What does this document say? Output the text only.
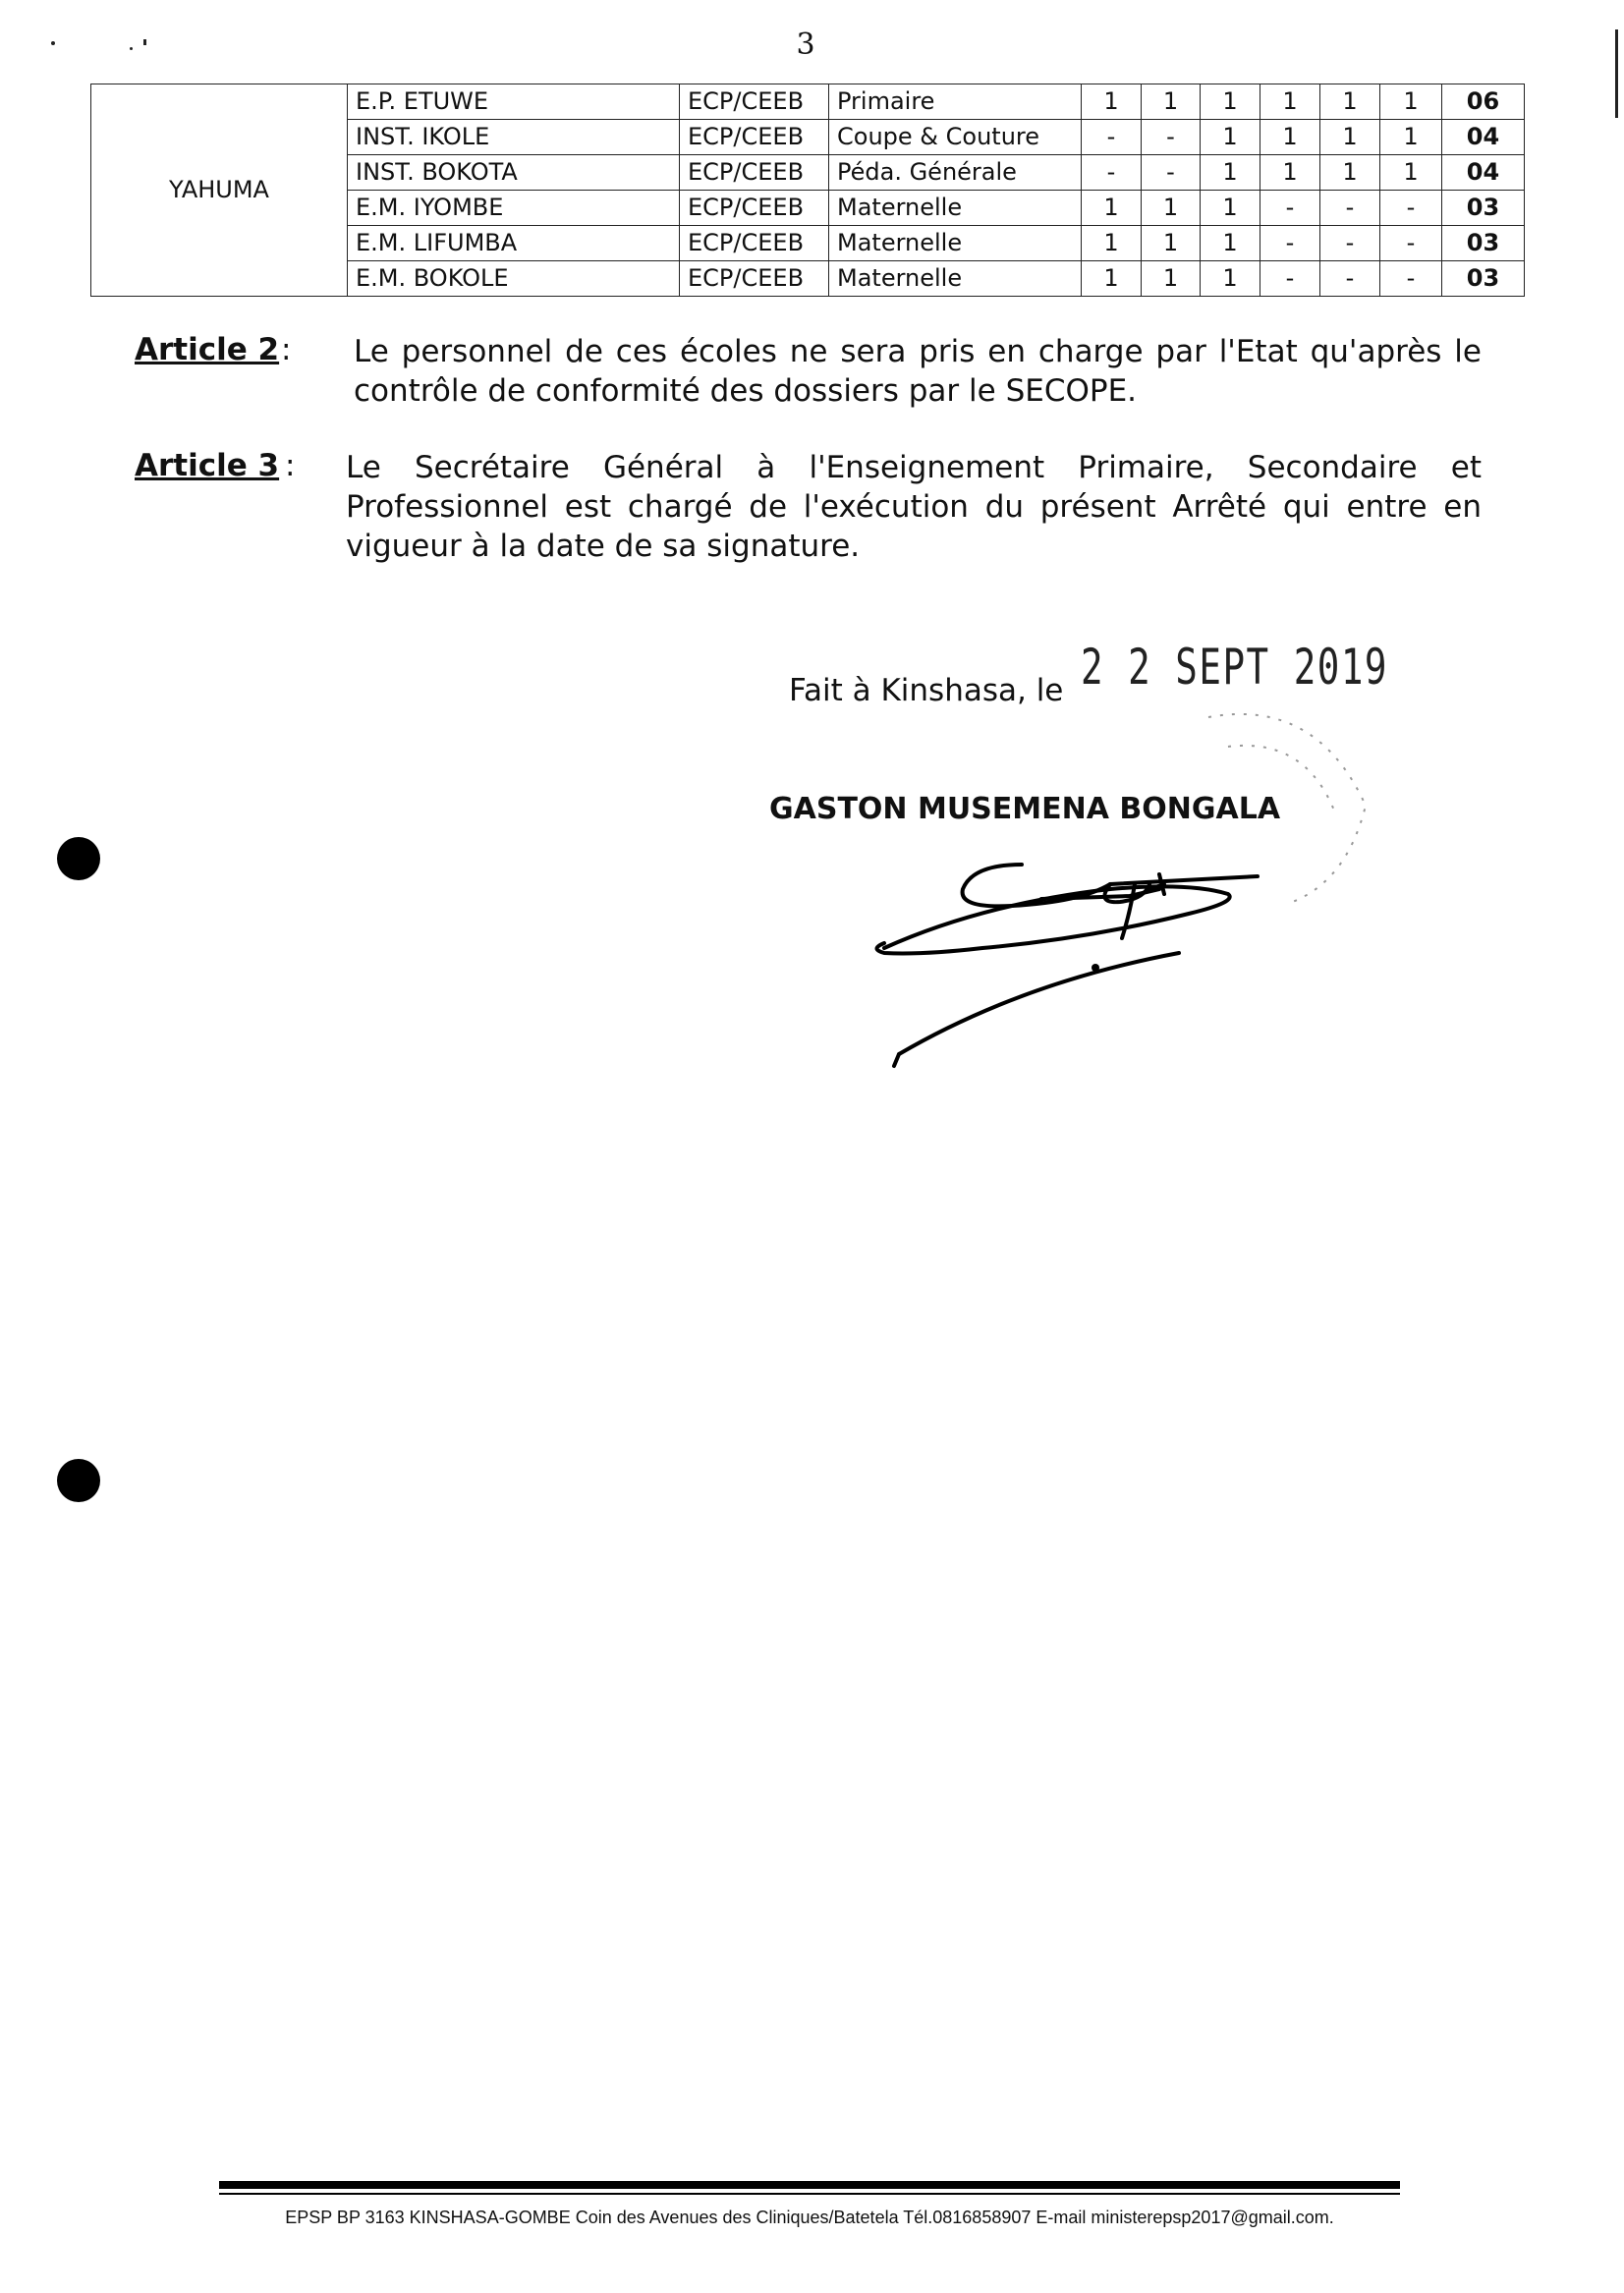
3
YAHUMA	E.P. ETUWE	ECP/CEEB	Primaire	1	1	1	1	1	1	06
	INST. IKOLE	ECP/CEEB	Coupe & Couture	-	-	1	1	1	1	04
	INST. BOKOTA	ECP/CEEB	Péda. Générale	-	-	1	1	1	1	04
	E.M. IYOMBE	ECP/CEEB	Maternelle	1	1	1	-	-	-	03
	E.M. LIFUMBA	ECP/CEEB	Maternelle	1	1	1	-	-	-	03
	E.M. BOKOLE	ECP/CEEB	Maternelle	1	1	1	-	-	-	03
Article 2 : Le personnel de ces écoles ne sera pris en charge par l'Etat qu'après le contrôle de conformité des dossiers par le SECOPE.
Article 3 : Le Secrétaire Général à l'Enseignement Primaire, Secondaire et Professionnel est chargé de l'exécution du présent Arrêté qui entre en vigueur à la date de sa signature.
Fait à Kinshasa, le 2 2 SEPT 2019
GASTON MUSEMENA BONGALA
EPSP BP 3163 KINSHASA-GOMBE Coin des Avenues des Cliniques/Batetela Tél.0816858907 E-mail ministerepsp2017@gmail.com.
